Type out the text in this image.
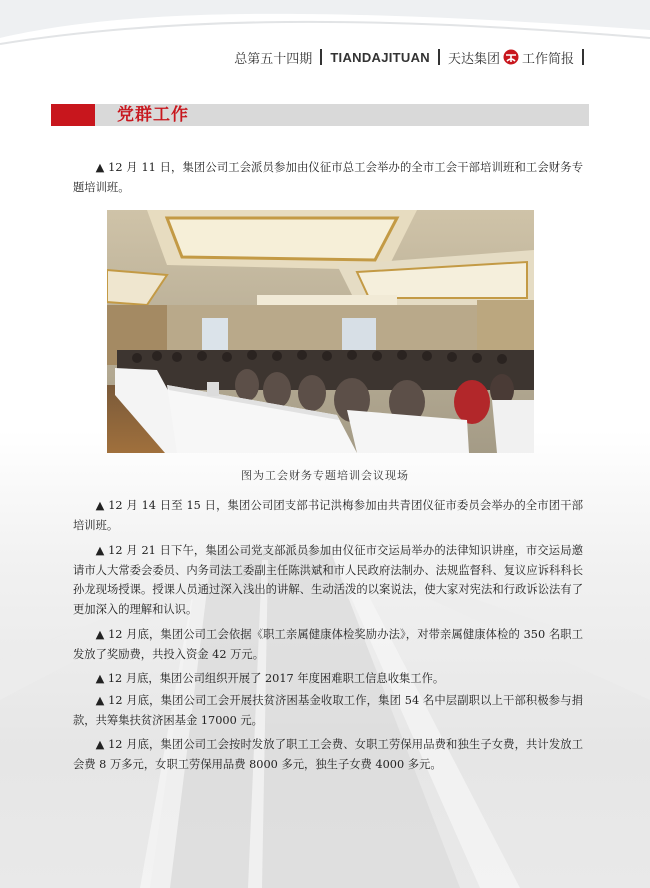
总第五十四期 TIANDAJITUAN 天达集团 工作简报
党群工作

▲ 12 月 11 日，集团公司工会派员参加由仪征市总工会举办的全市工会干部培训班和工会财务专题培训班。

图为工会财务专题培训会议现场

▲ 12 月 14 日至 15 日，集团公司团支部书记洪梅参加由共青团仪征市委员会举办的全市团干部培训班。

▲ 12 月 21 日下午，集团公司党支部派员参加由仪征市交运局举办的法律知识讲座，市交运局邀请市人大常委会委员、内务司法工委副主任陈洪斌和市人民政府法制办、法规监督科、复议应诉科科长孙龙现场授课。授课人员通过深入浅出的讲解、生动活泼的以案说法，使大家对宪法和行政诉讼法有了更加深入的理解和认识。

▲ 12 月底，集团公司工会依据《职工亲属健康体检奖励办法》，对带亲属健康体检的 350 名职工发放了奖励费，共投入资金 42 万元。

▲ 12 月底，集团公司组织开展了 2017 年度困难职工信息收集工作。

▲ 12 月底，集团公司工会开展扶贫济困基金收取工作，集团 54 名中层副职以上干部积极参与捐款，共筹集扶贫济困基金 17000 元。

▲ 12 月底，集团公司工会按时发放了职工工会费、女职工劳保用品费和独生子女费，共计发放工会费 8 万多元，女职工劳保用品费 8000 多元，独生子女费 4000 多元。
